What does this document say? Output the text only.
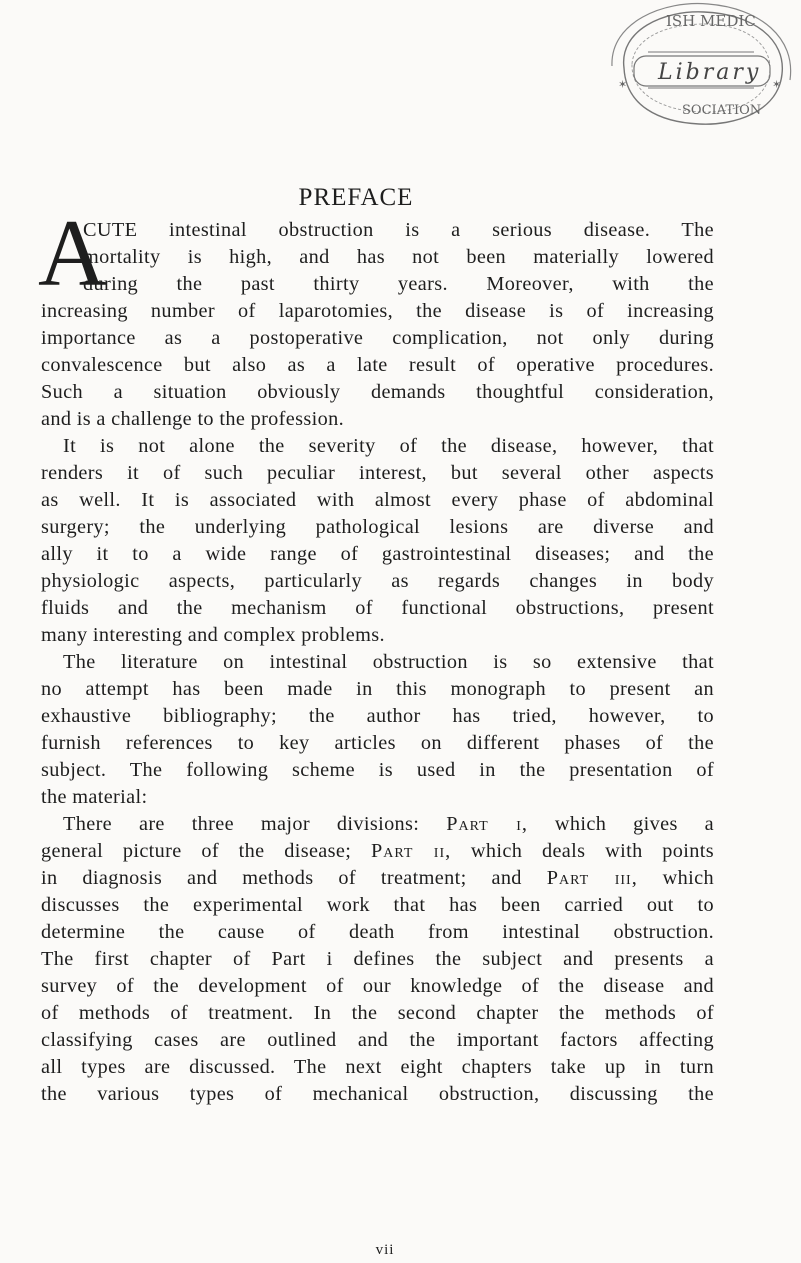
ISH MEDIC
SOCIATION
Library
✶	✶
PREFACE
A
CUTE intestinal obstruction is a serious disease. The
mortality is high, and has not been materially lowered
during the past thirty years. Moreover, with the
increasing number of laparotomies, the disease is of increasing
importance as a postoperative complication, not only during
convalescence but also as a late result of operative procedures.
Such a situation obviously demands thoughtful consideration,
and is a challenge to the profession.
It is not alone the severity of the disease, however, that
renders it of such peculiar interest, but several other aspects
as well. It is associated with almost every phase of abdominal
surgery; the underlying pathological lesions are diverse and
ally it to a wide range of gastrointestinal diseases; and the
physiologic aspects, particularly as regards changes in body
fluids and the mechanism of functional obstructions, present
many interesting and complex problems.
The literature on intestinal obstruction is so extensive that
no attempt has been made in this monograph to present an
exhaustive bibliography; the author has tried, however, to
furnish references to key articles on different phases of the
subject. The following scheme is used in the presentation of
the material:
There are three major divisions: Part i, which gives a
general picture of the disease; Part ii, which deals with points
in diagnosis and methods of treatment; and Part iii, which
discusses the experimental work that has been carried out to
determine the cause of death from intestinal obstruction.
The first chapter of Part i defines the subject and presents a
survey of the development of our knowledge of the disease and
of methods of treatment. In the second chapter the methods of
classifying cases are outlined and the important factors affecting
all types are discussed. The next eight chapters take up in turn
the various types of mechanical obstruction, discussing the
vii
